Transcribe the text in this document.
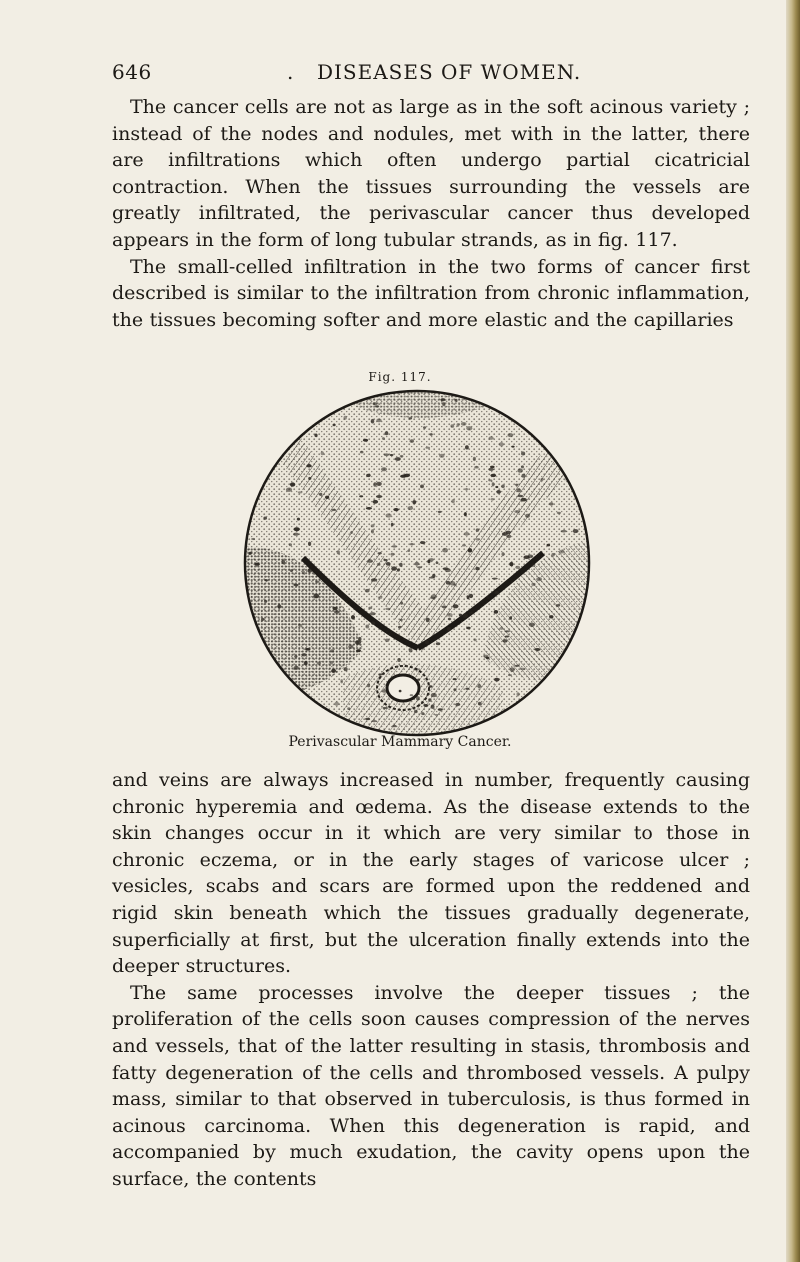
646	. DISEASES OF WOMEN.

The cancer cells are not as large as in the soft acinous variety ; instead of the nodes and nodules, met with in the latter, there are infiltrations which often undergo partial cicatricial contraction. When the tissues surrounding the vessels are greatly infiltrated, the perivascular cancer thus developed appears in the form of long tubular strands, as in fig. 117.

The small-celled infiltration in the two forms of cancer first described is similar to the infiltration from chronic inflammation, the tissues becoming softer and more elastic and the capillaries

Fig. 117.
Perivascular Mammary Cancer.

and veins are always increased in number, frequently causing chronic hyperemia and œdema. As the disease extends to the skin changes occur in it which are very similar to those in chronic eczema, or in the early stages of varicose ulcer ; vesicles, scabs and scars are formed upon the reddened and rigid skin beneath which the tissues gradually degenerate, superficially at first, but the ulceration finally extends into the deeper structures.

The same processes involve the deeper tissues ; the proliferation of the cells soon causes compression of the nerves and vessels, that of the latter resulting in stasis, thrombosis and fatty degeneration of the cells and thrombosed vessels. A pulpy mass, similar to that observed in tuberculosis, is thus formed in acinous carcinoma. When this degeneration is rapid, and accompanied by much exudation, the cavity opens upon the surface, the contents
